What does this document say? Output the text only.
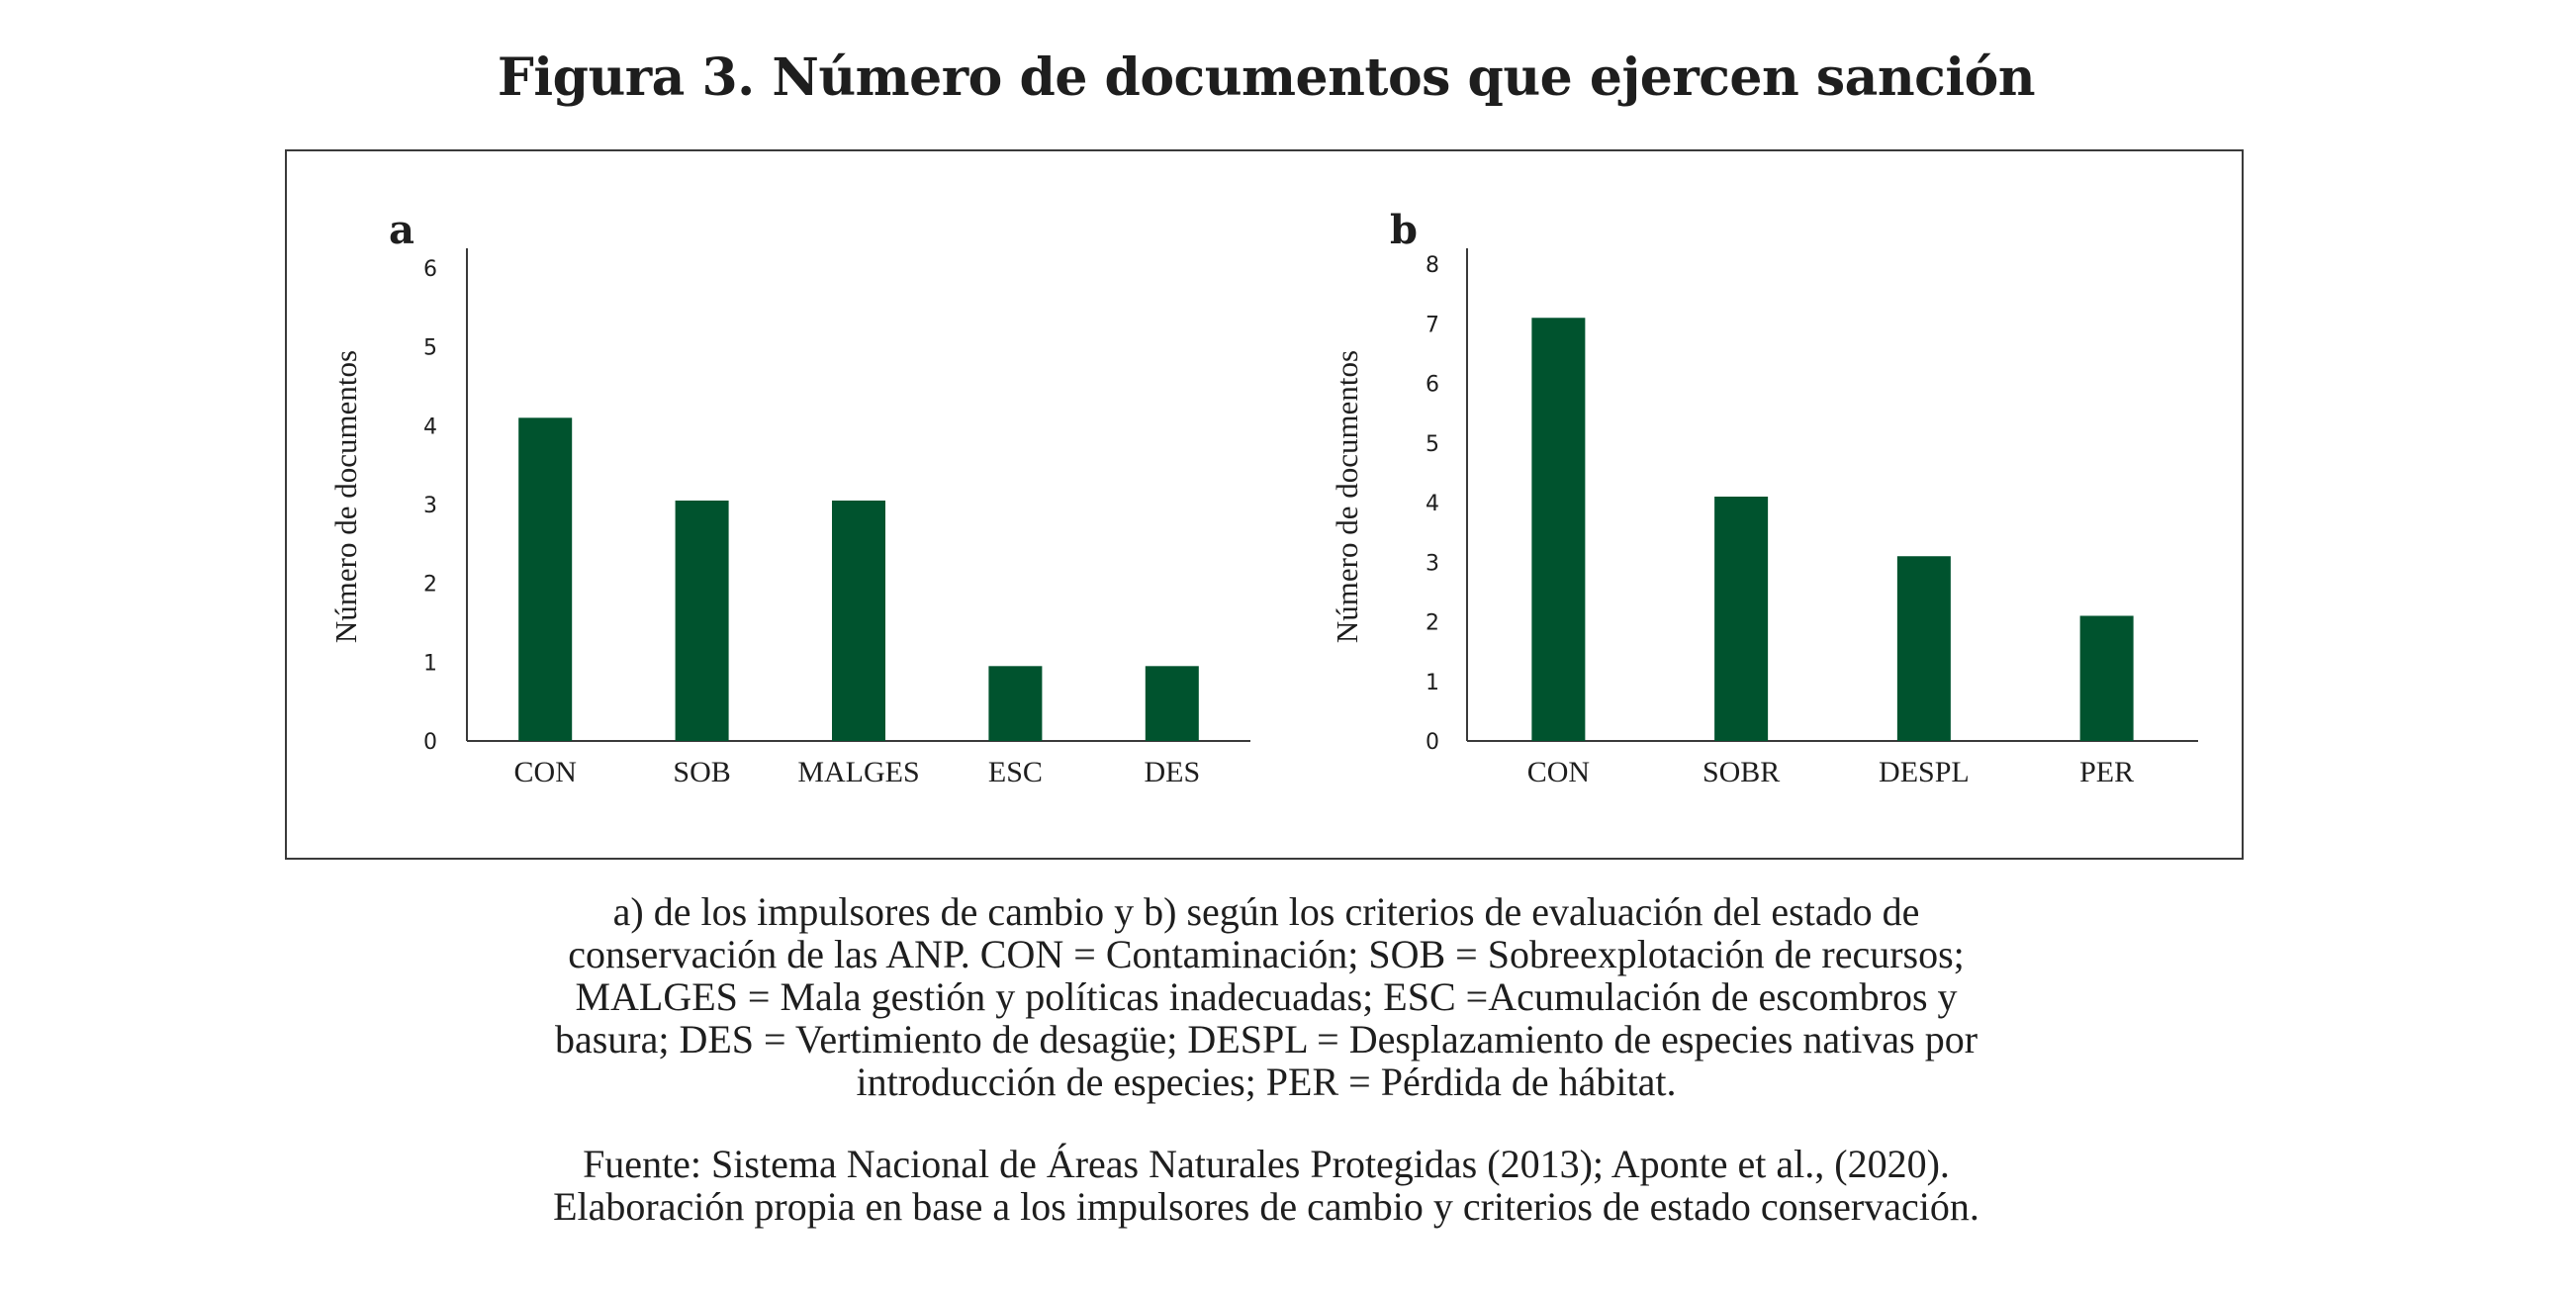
Figura 3. Número de documentos que ejercen sanción
a
Número de documentos
0
1
2
3
4
5
6
CON	SOB MALGES ESC	DES
b
Número de documentos
0
1
2
3
4
5
6
7
8
CON	SOBR	DESPL	PER
a) de los impulsores de cambio y b) según los criterios de evaluación del estado de
conservación de las ANP. CON = Contaminación; SOB = Sobreexplotación de recursos;
MALGES = Mala gestión y políticas inadecuadas; ESC =Acumulación de escombros y
basura; DES = Vertimiento de desagüe; DESPL = Desplazamiento de especies nativas por
introducción de especies; PER = Pérdida de hábitat.
Fuente: Sistema Nacional de Áreas Naturales Protegidas (2013); Aponte et al., (2020).
Elaboración propia en base a los impulsores de cambio y criterios de estado conservación.
